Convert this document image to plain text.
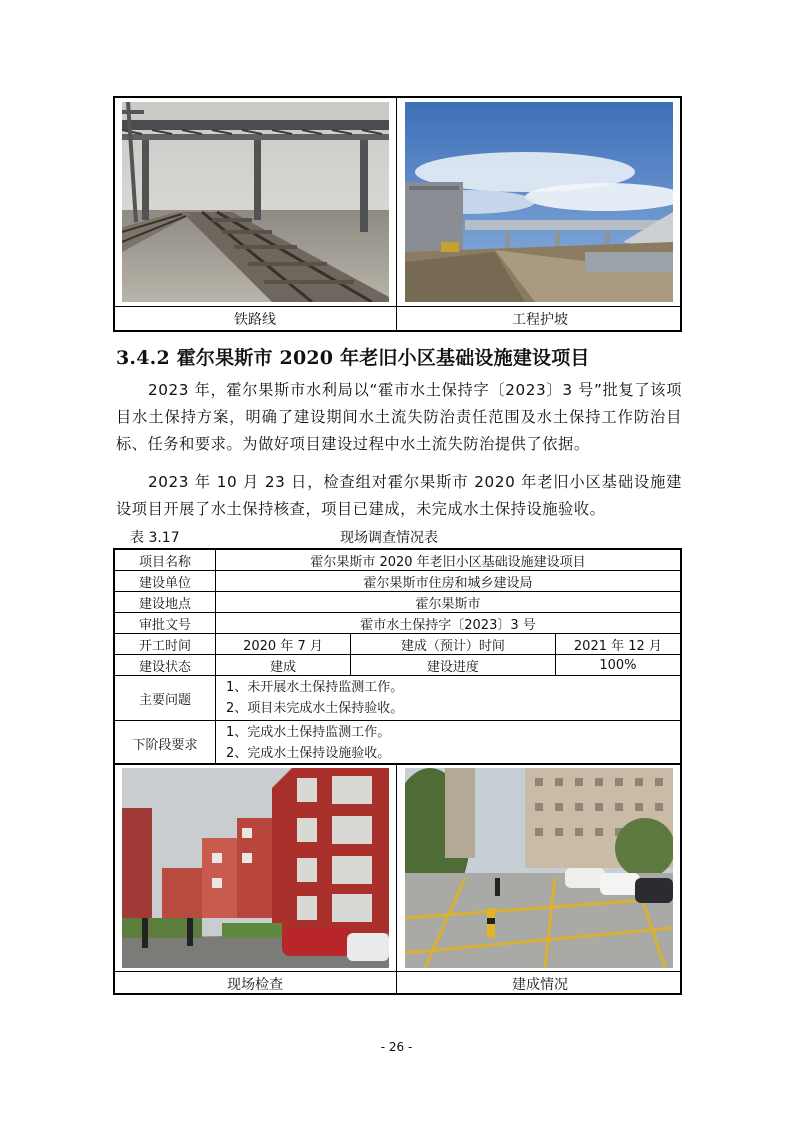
铁路线	工程护坡
3.4.2 霍尔果斯市 2020 年老旧小区基础设施建设项目
2023 年，霍尔果斯市水利局以“霍市水土保持字〔2023〕3 号”批复了该项目水土保持方案，明确了建设期间水土流失防治责任范围及水土保持工作防治目标、任务和要求。为做好项目建设过程中水土流失防治提供了依据。
2023 年 10 月 23 日，检查组对霍尔果斯市 2020 年老旧小区基础设施建设项目开展了水土保持核查，项目已建成，未完成水土保持设施验收。
表 3.17	现场调查情况表
项目名称	霍尔果斯市 2020 年老旧小区基础设施建设项目		
建设单位	霍尔果斯市住房和城乡建设局		
建设地点	霍尔果斯市		
审批文号	霍市水土保持字〔2023〕3 号		
开工时间	2020 年 7 月	建成（预计）时间	2021 年 12 月
建设状态	建成	建设进度	100%
主要问题	1、未开展水土保持监测工作。
2、项目未完成水土保持验收。		

下阶段要求	1、完成水土保持监测工作。
2、完成水土保持设施验收。		
现场检查	建成情况
- 26 -
